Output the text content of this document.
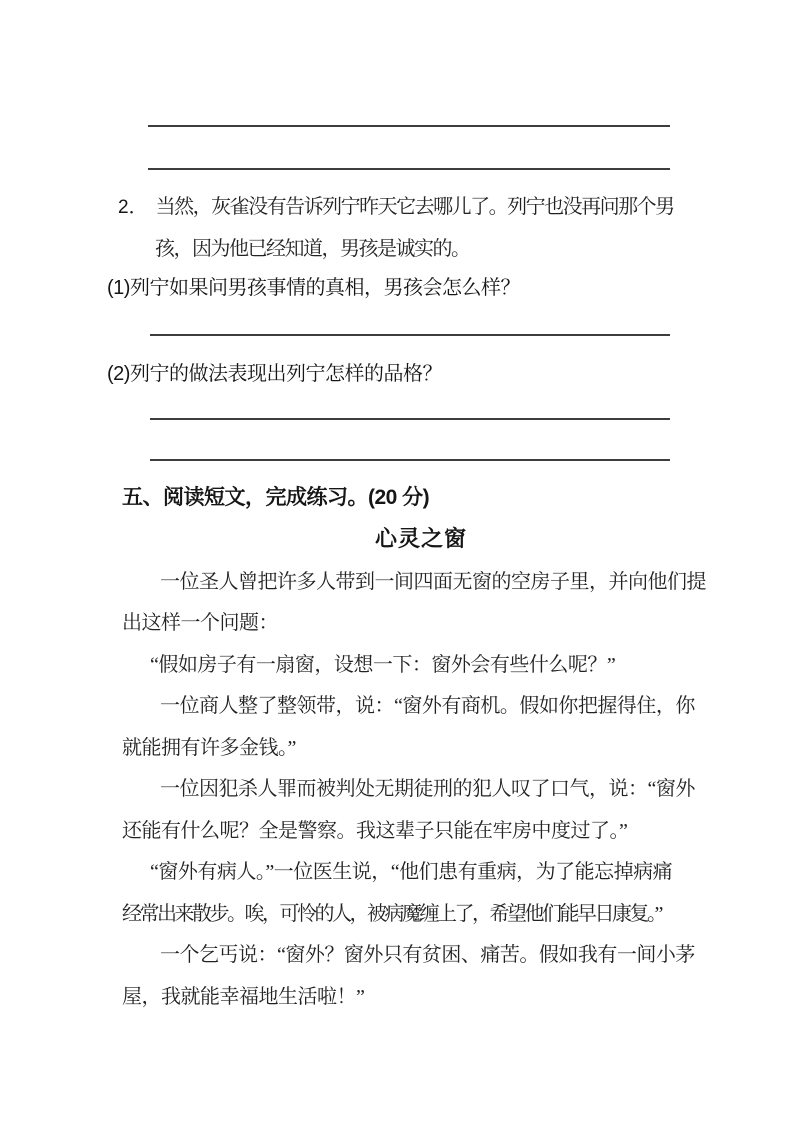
2． 当然，灰雀没有告诉列宁昨天它去哪儿了。列宁也没再问那个男
孩，因为他已经知道，男孩是诚实的。
(1)列宁如果问男孩事情的真相，男孩会怎么样？
(2)列宁的做法表现出列宁怎样的品格？
五、阅读短文，完成练习。(20 分)
心灵之窗
一位圣人曾把许多人带到一间四面无窗的空房子里，并向他们提
出这样一个问题：
“假如房子有一扇窗，设想一下：窗外会有些什么呢？”
一位商人整了整领带，说：“窗外有商机。假如你把握得住，你
就能拥有许多金钱。”
一位因犯杀人罪而被判处无期徒刑的犯人叹了口气，说：“窗外
还能有什么呢？全是警察。我这辈子只能在牢房中度过了。”
“窗外有病人。”一位医生说，“他们患有重病，为了能忘掉病痛
经常出来散步。唉，可怜的人，被病魔缠上了，希望他们能早日康复。”
一个乞丐说：“窗外？窗外只有贫困、痛苦。假如我有一间小茅
屋，我就能幸福地生活啦！”
